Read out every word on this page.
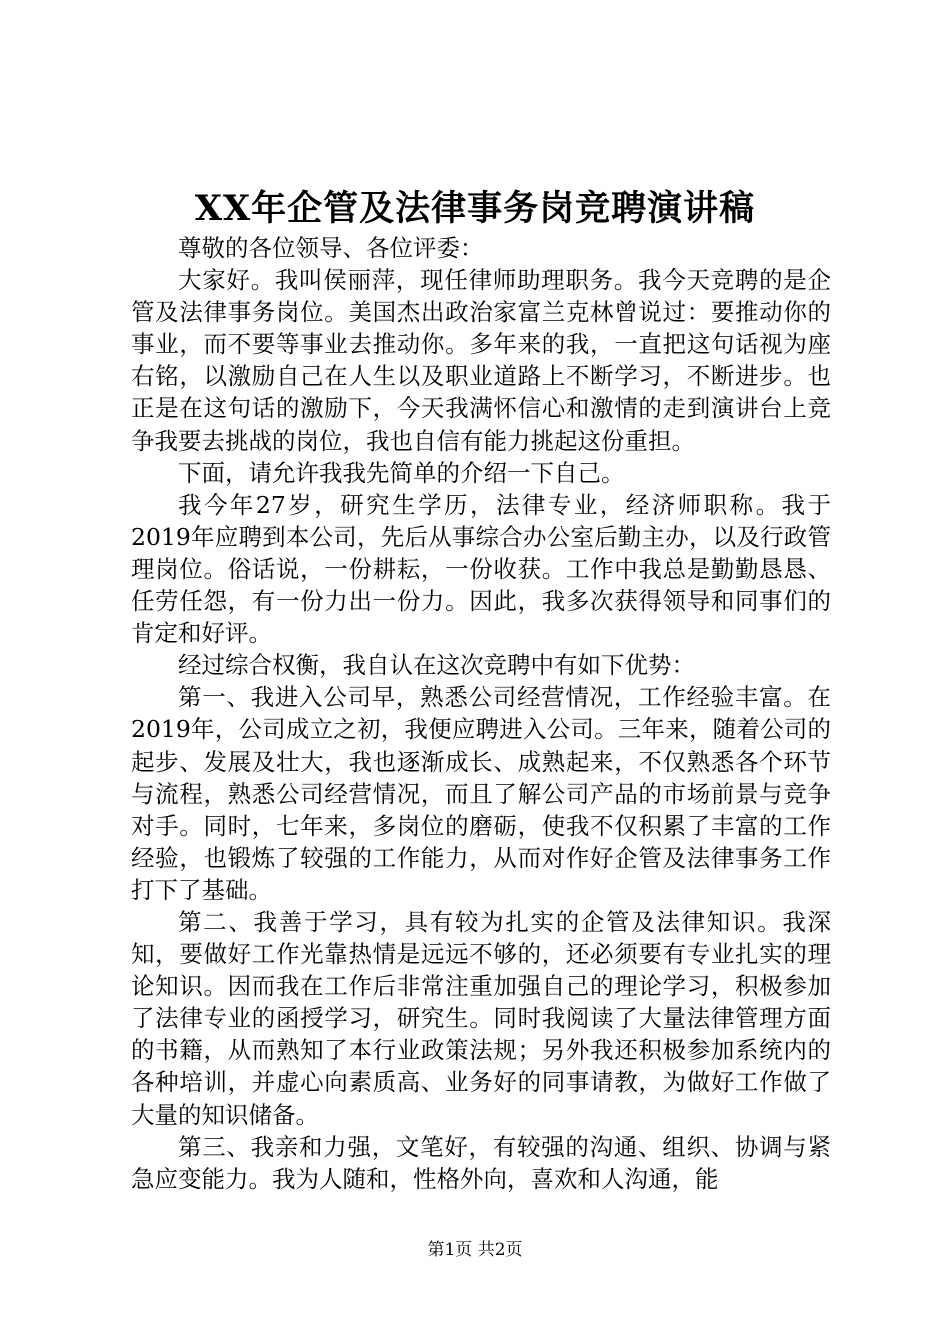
XX年企管及法律事务岗竞聘演讲稿

尊敬的各位领导、各位评委：

大家好。我叫侯丽萍，现任律师助理职务。我今天竞聘的是企管及法律事务岗位。美国杰出政治家富兰克林曾说过：要推动你的事业，而不要等事业去推动你。多年来的我，一直把这句话视为座右铭，以激励自己在人生以及职业道路上不断学习，不断进步。也正是在这句话的激励下，今天我满怀信心和激情的走到演讲台上竞争我要去挑战的岗位，我也自信有能力挑起这份重担。

下面，请允许我我先简单的介绍一下自己。

我今年27岁，研究生学历，法律专业，经济师职称。我于2019年应聘到本公司，先后从事综合办公室后勤主办，以及行政管理岗位。俗话说，一份耕耘，一份收获。工作中我总是勤勤恳恳、任劳任怨，有一份力出一份力。因此，我多次获得领导和同事们的肯定和好评。

经过综合权衡，我自认在这次竞聘中有如下优势：

第一、我进入公司早，熟悉公司经营情况，工作经验丰富。在2019年，公司成立之初，我便应聘进入公司。三年来，随着公司的起步、发展及壮大，我也逐渐成长、成熟起来，不仅熟悉各个环节与流程，熟悉公司经营情况，而且了解公司产品的市场前景与竞争对手。同时，七年来，多岗位的磨砺，使我不仅积累了丰富的工作经验，也锻炼了较强的工作能力，从而对作好企管及法律事务工作打下了基础。

第二、我善于学习，具有较为扎实的企管及法律知识。我深知，要做好工作光靠热情是远远不够的，还必须要有专业扎实的理论知识。因而我在工作后非常注重加强自己的理论学习，积极参加了法律专业的函授学习，研究生。同时我阅读了大量法律管理方面的书籍，从而熟知了本行业政策法规；另外我还积极参加系统内的各种培训，并虚心向素质高、业务好的同事请教，为做好工作做了大量的知识储备。

第三、我亲和力强，文笔好，有较强的沟通、组织、协调与紧急应变能力。我为人随和，性格外向，喜欢和人沟通，能

第1页 共2页
